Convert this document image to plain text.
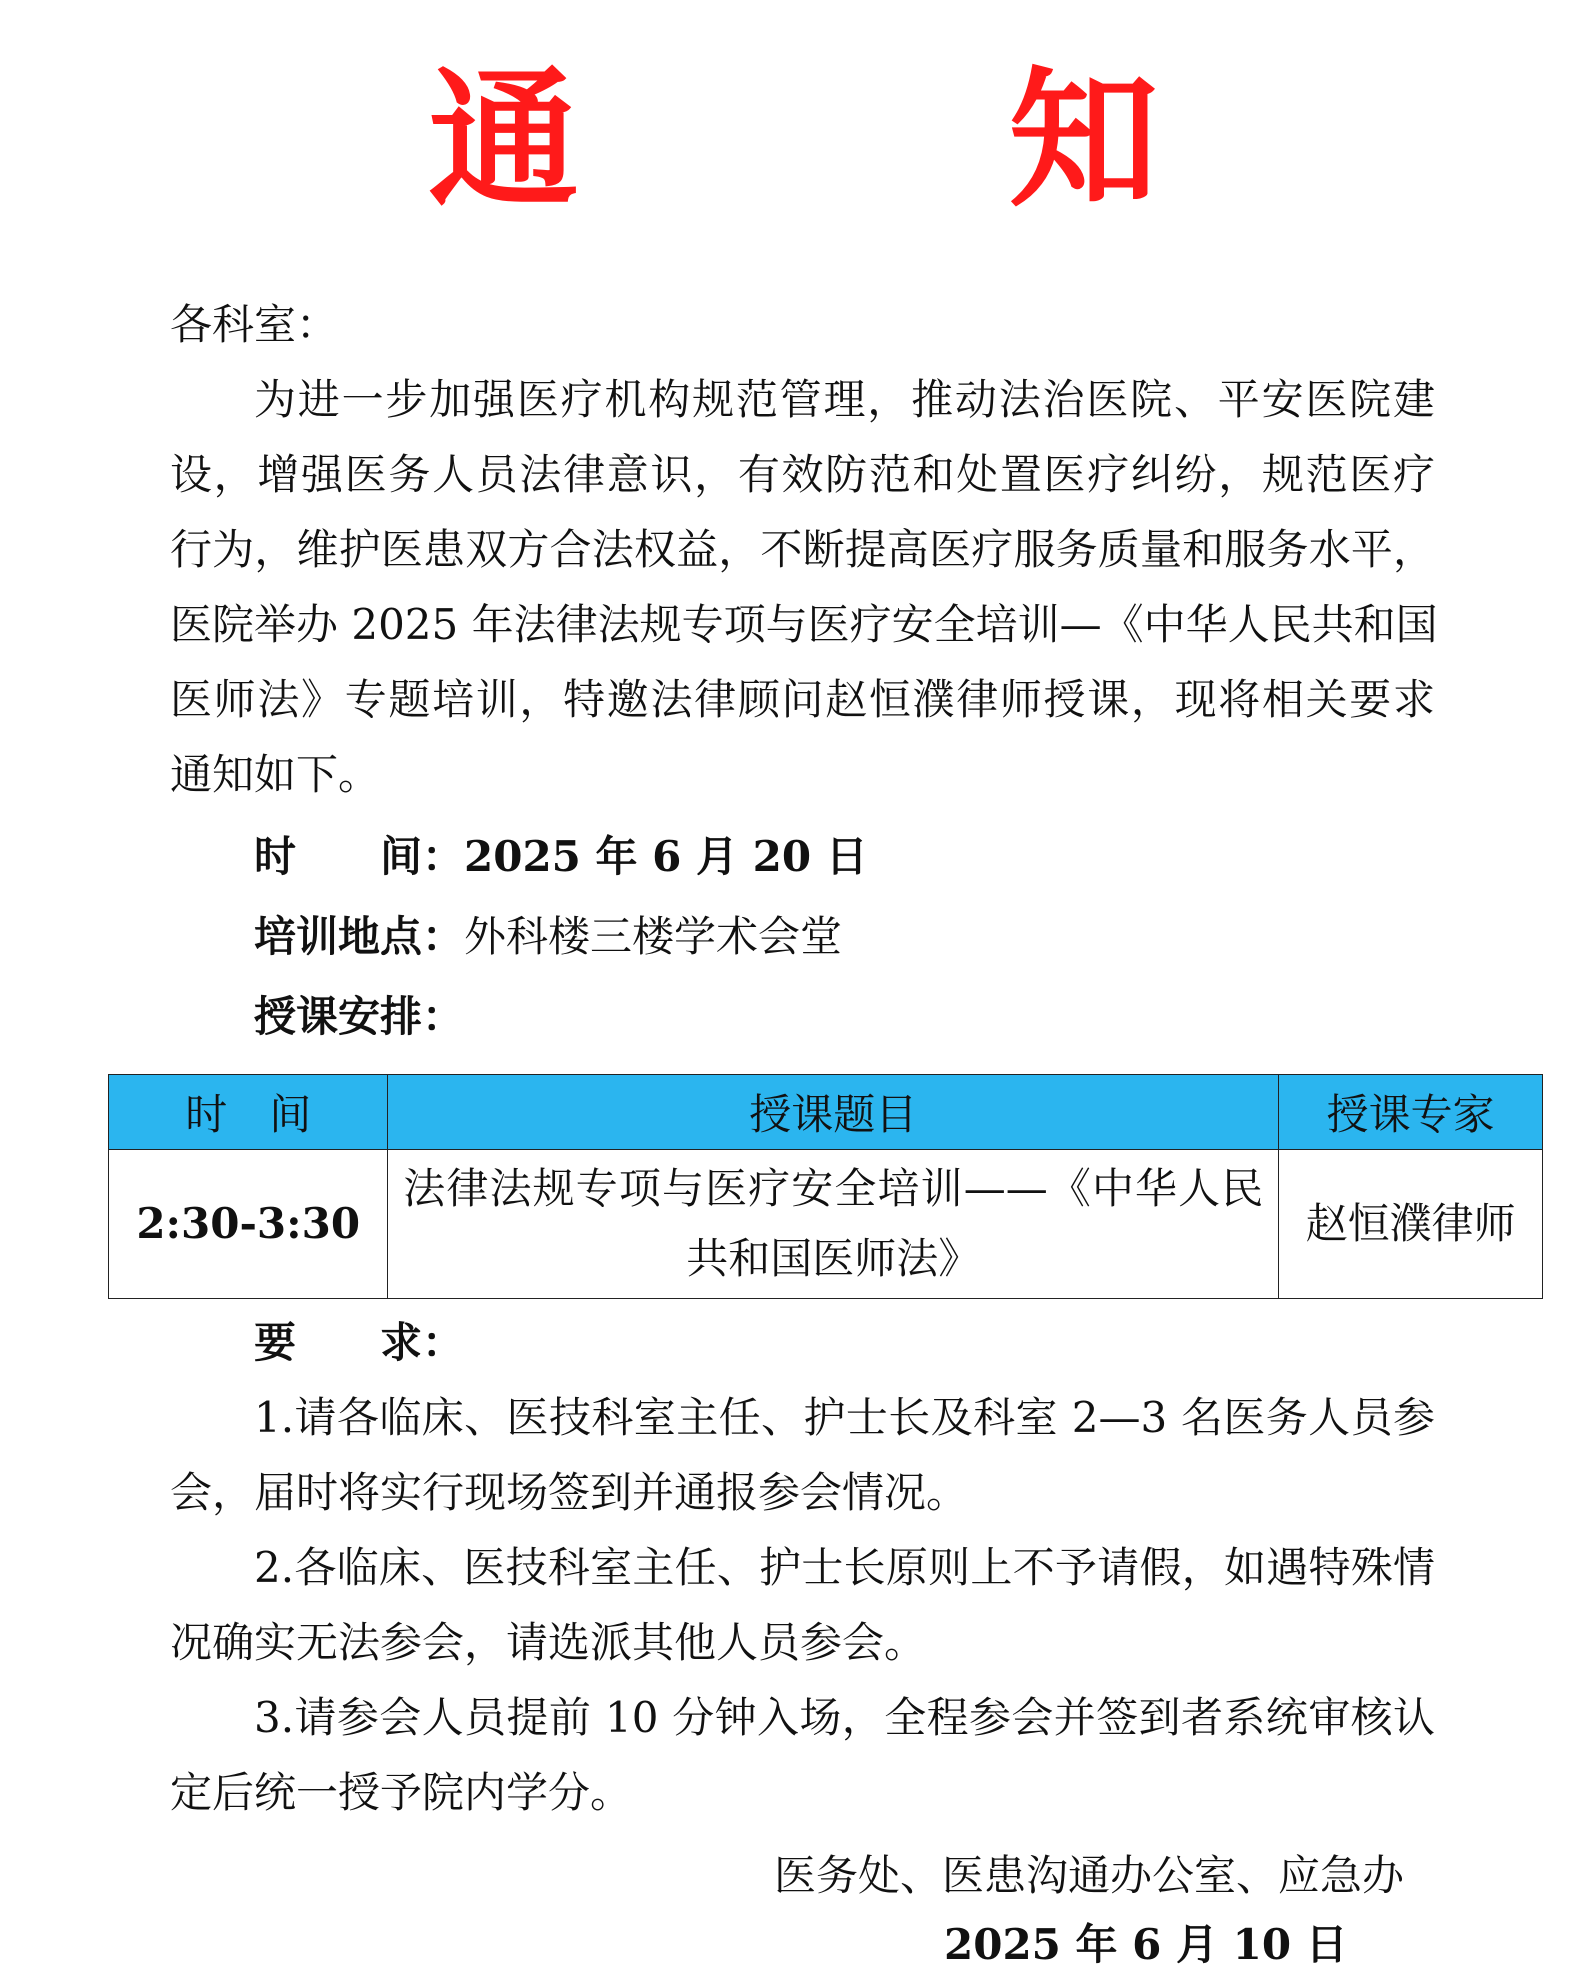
通　知
各科室：
为进一步加强医疗机构规范管理，推动法治医院、平安医院建
设，增强医务人员法律意识，有效防范和处置医疗纠纷，规范医疗
行为，维护医患双方合法权益，不断提高医疗服务质量和服务水平，
医院举办 2025 年法律法规专项与医疗安全培训—《中华人民共和国
医师法》专题培训，特邀法律顾问赵恒濮律师授课，现将相关要求
通知如下。
时　　间：2025 年 6 月 20 日
培训地点：外科楼三楼学术会堂
授课安排：
时　间	授课题目	授课专家
2:30-3:30	法律法规专项与医疗安全培训——《中华人民
共和国医师法》	赵恒濮律师
要　　求：
1.请各临床、医技科室主任、护士长及科室 2—3 名医务人员参
会，届时将实行现场签到并通报参会情况。
2.各临床、医技科室主任、护士长原则上不予请假，如遇特殊情
况确实无法参会，请选派其他人员参会。
3.请参会人员提前 10 分钟入场，全程参会并签到者系统审核认
定后统一授予院内学分。
医务处、医患沟通办公室、应急办
2025 年 6 月 10 日
